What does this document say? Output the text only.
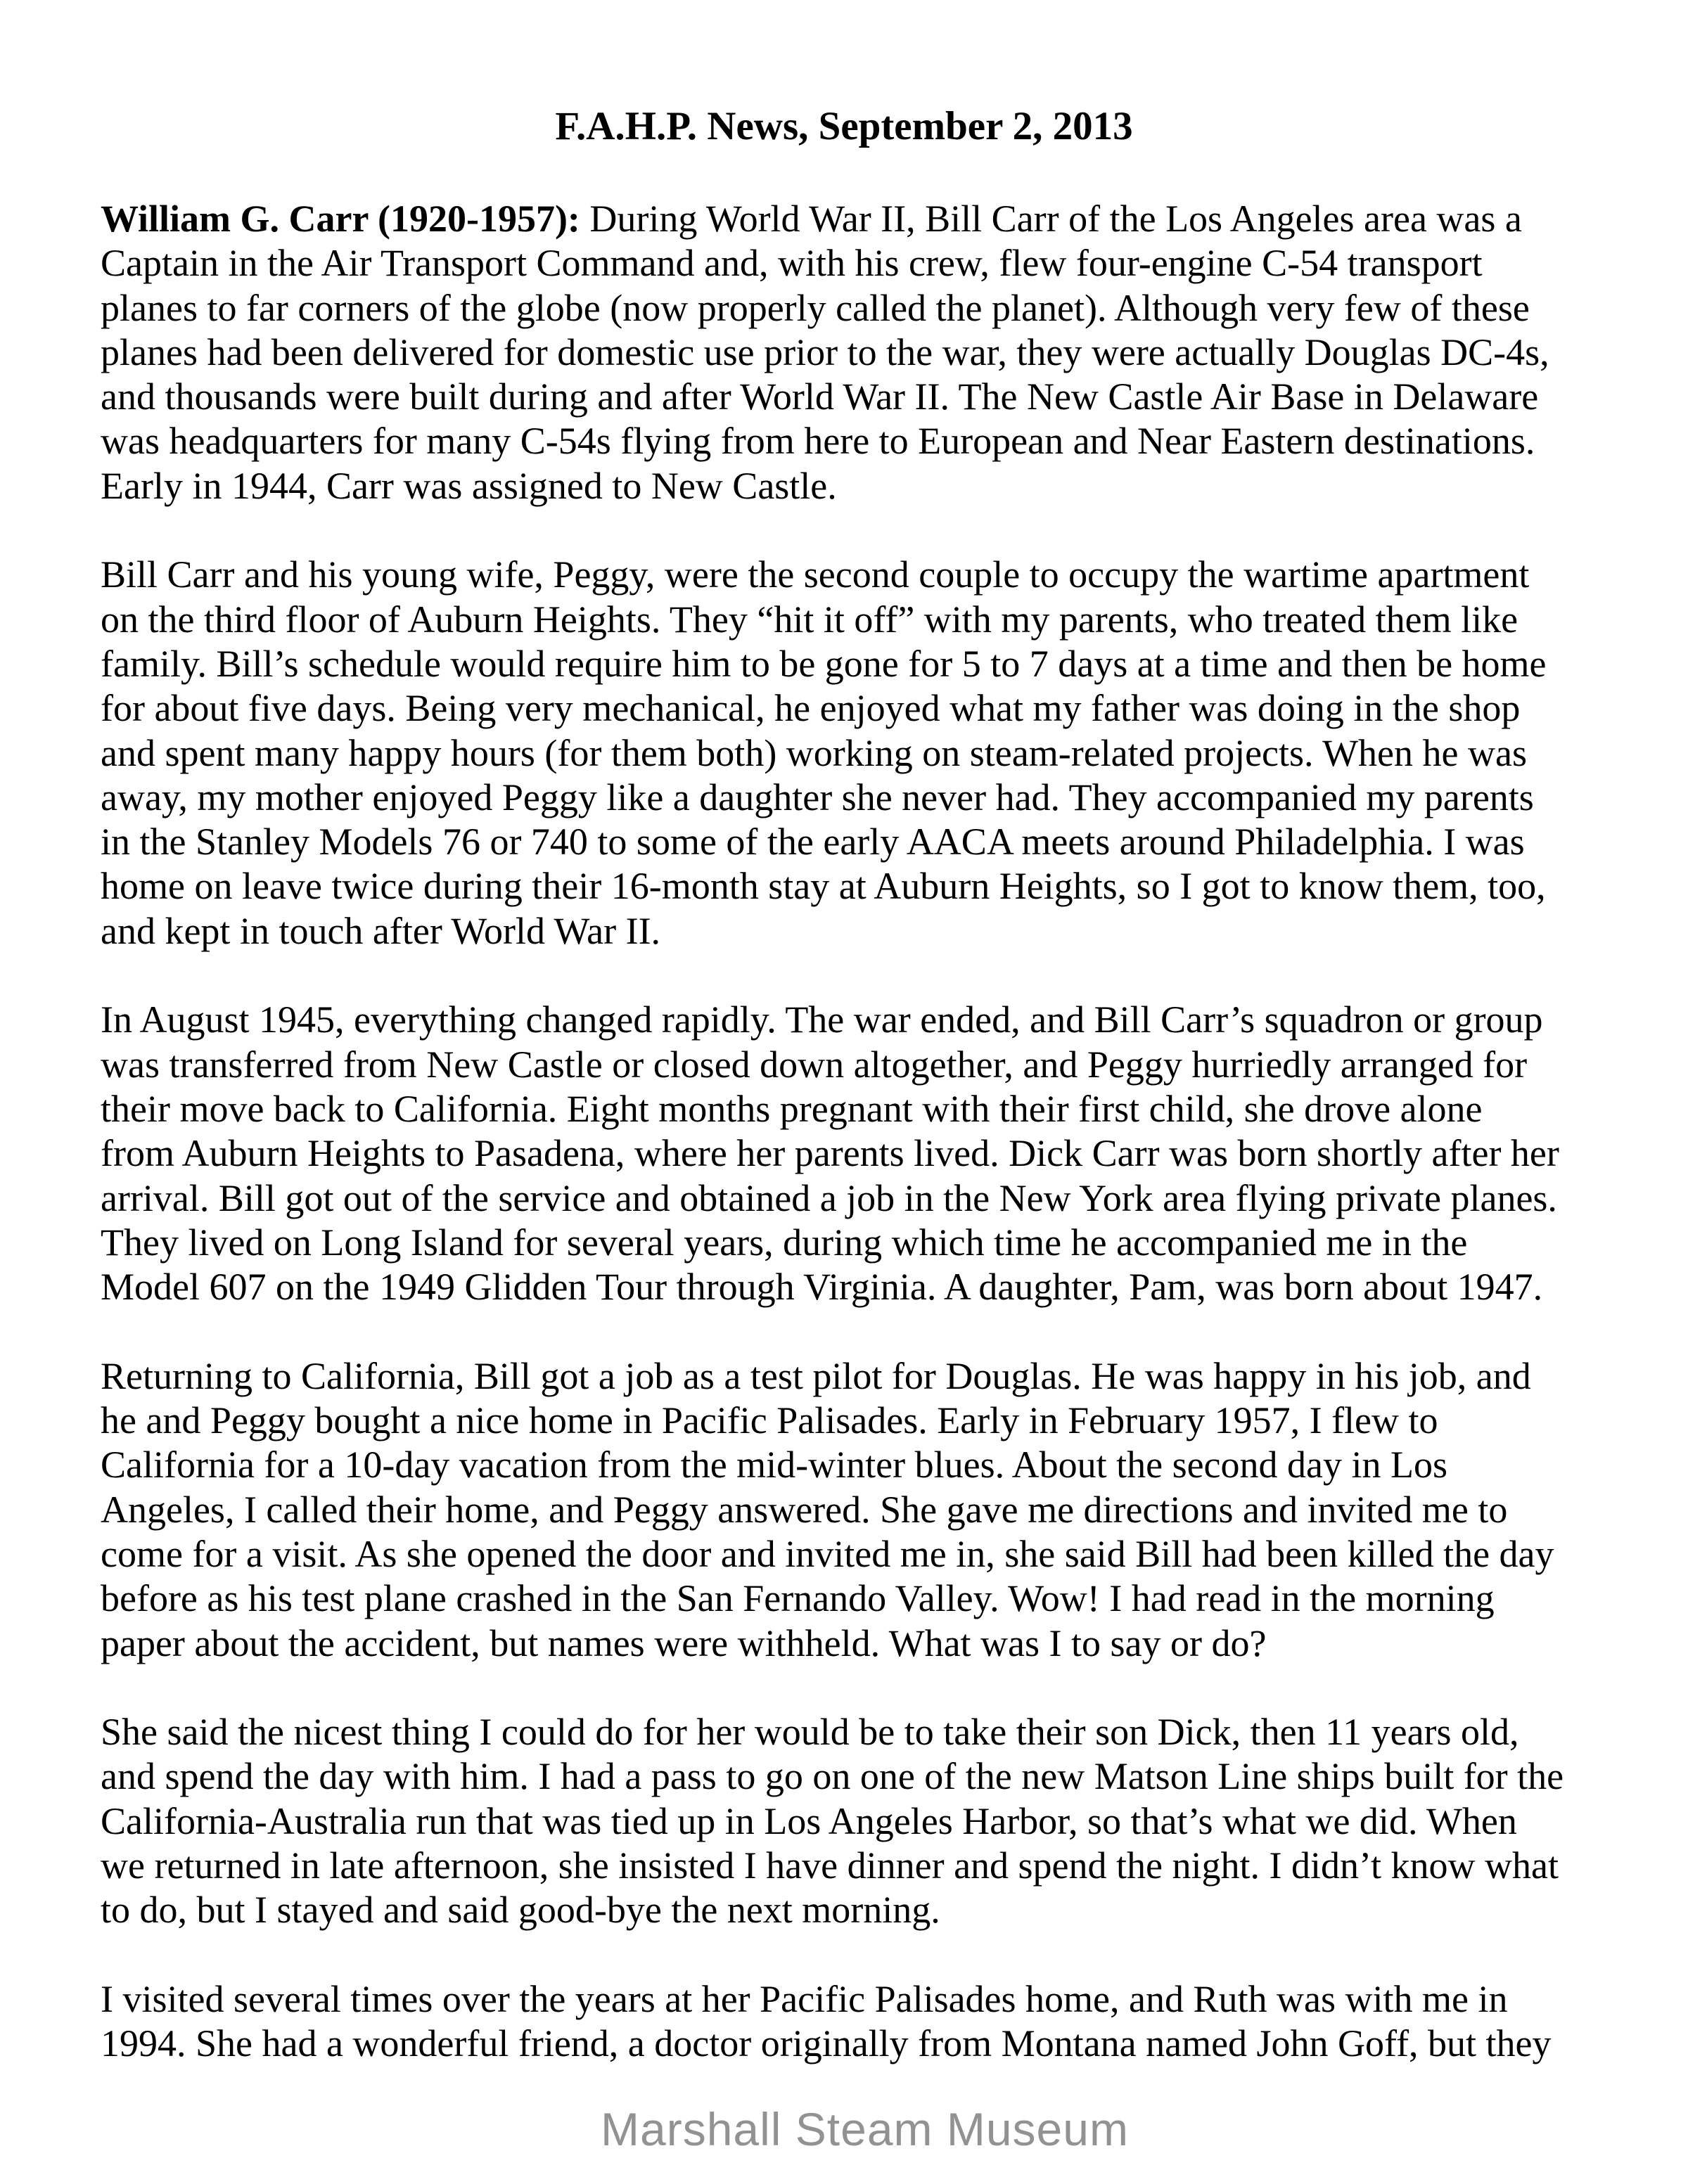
F.A.H.P. News, September 2, 2013
William G. Carr (1920-1957): During World War II, Bill Carr of the Los Angeles area was a
Captain in the Air Transport Command and, with his crew, flew four-engine C-54 transport
planes to far corners of the globe (now properly called the planet). Although very few of these
planes had been delivered for domestic use prior to the war, they were actually Douglas DC-4s,
and thousands were built during and after World War II. The New Castle Air Base in Delaware
was headquarters for many C-54s flying from here to European and Near Eastern destinations.
Early in 1944, Carr was assigned to New Castle.
Bill Carr and his young wife, Peggy, were the second couple to occupy the wartime apartment
on the third floor of Auburn Heights. They “hit it off” with my parents, who treated them like
family. Bill’s schedule would require him to be gone for 5 to 7 days at a time and then be home
for about five days. Being very mechanical, he enjoyed what my father was doing in the shop
and spent many happy hours (for them both) working on steam-related projects. When he was
away, my mother enjoyed Peggy like a daughter she never had. They accompanied my parents
in the Stanley Models 76 or 740 to some of the early AACA meets around Philadelphia. I was
home on leave twice during their 16-month stay at Auburn Heights, so I got to know them, too,
and kept in touch after World War II.
In August 1945, everything changed rapidly. The war ended, and Bill Carr’s squadron or group
was transferred from New Castle or closed down altogether, and Peggy hurriedly arranged for
their move back to California. Eight months pregnant with their first child, she drove alone
from Auburn Heights to Pasadena, where her parents lived. Dick Carr was born shortly after her
arrival. Bill got out of the service and obtained a job in the New York area flying private planes.
They lived on Long Island for several years, during which time he accompanied me in the
Model 607 on the 1949 Glidden Tour through Virginia. A daughter, Pam, was born about 1947.
Returning to California, Bill got a job as a test pilot for Douglas. He was happy in his job, and
he and Peggy bought a nice home in Pacific Palisades. Early in February 1957, I flew to
California for a 10-day vacation from the mid-winter blues. About the second day in Los
Angeles, I called their home, and Peggy answered. She gave me directions and invited me to
come for a visit. As she opened the door and invited me in, she said Bill had been killed the day
before as his test plane crashed in the San Fernando Valley. Wow! I had read in the morning
paper about the accident, but names were withheld. What was I to say or do?
She said the nicest thing I could do for her would be to take their son Dick, then 11 years old,
and spend the day with him. I had a pass to go on one of the new Matson Line ships built for the
California-Australia run that was tied up in Los Angeles Harbor, so that’s what we did. When
we returned in late afternoon, she insisted I have dinner and spend the night. I didn’t know what
to do, but I stayed and said good-bye the next morning.
I visited several times over the years at her Pacific Palisades home, and Ruth was with me in
1994. She had a wonderful friend, a doctor originally from Montana named John Goff, but they
Marshall Steam Museum
